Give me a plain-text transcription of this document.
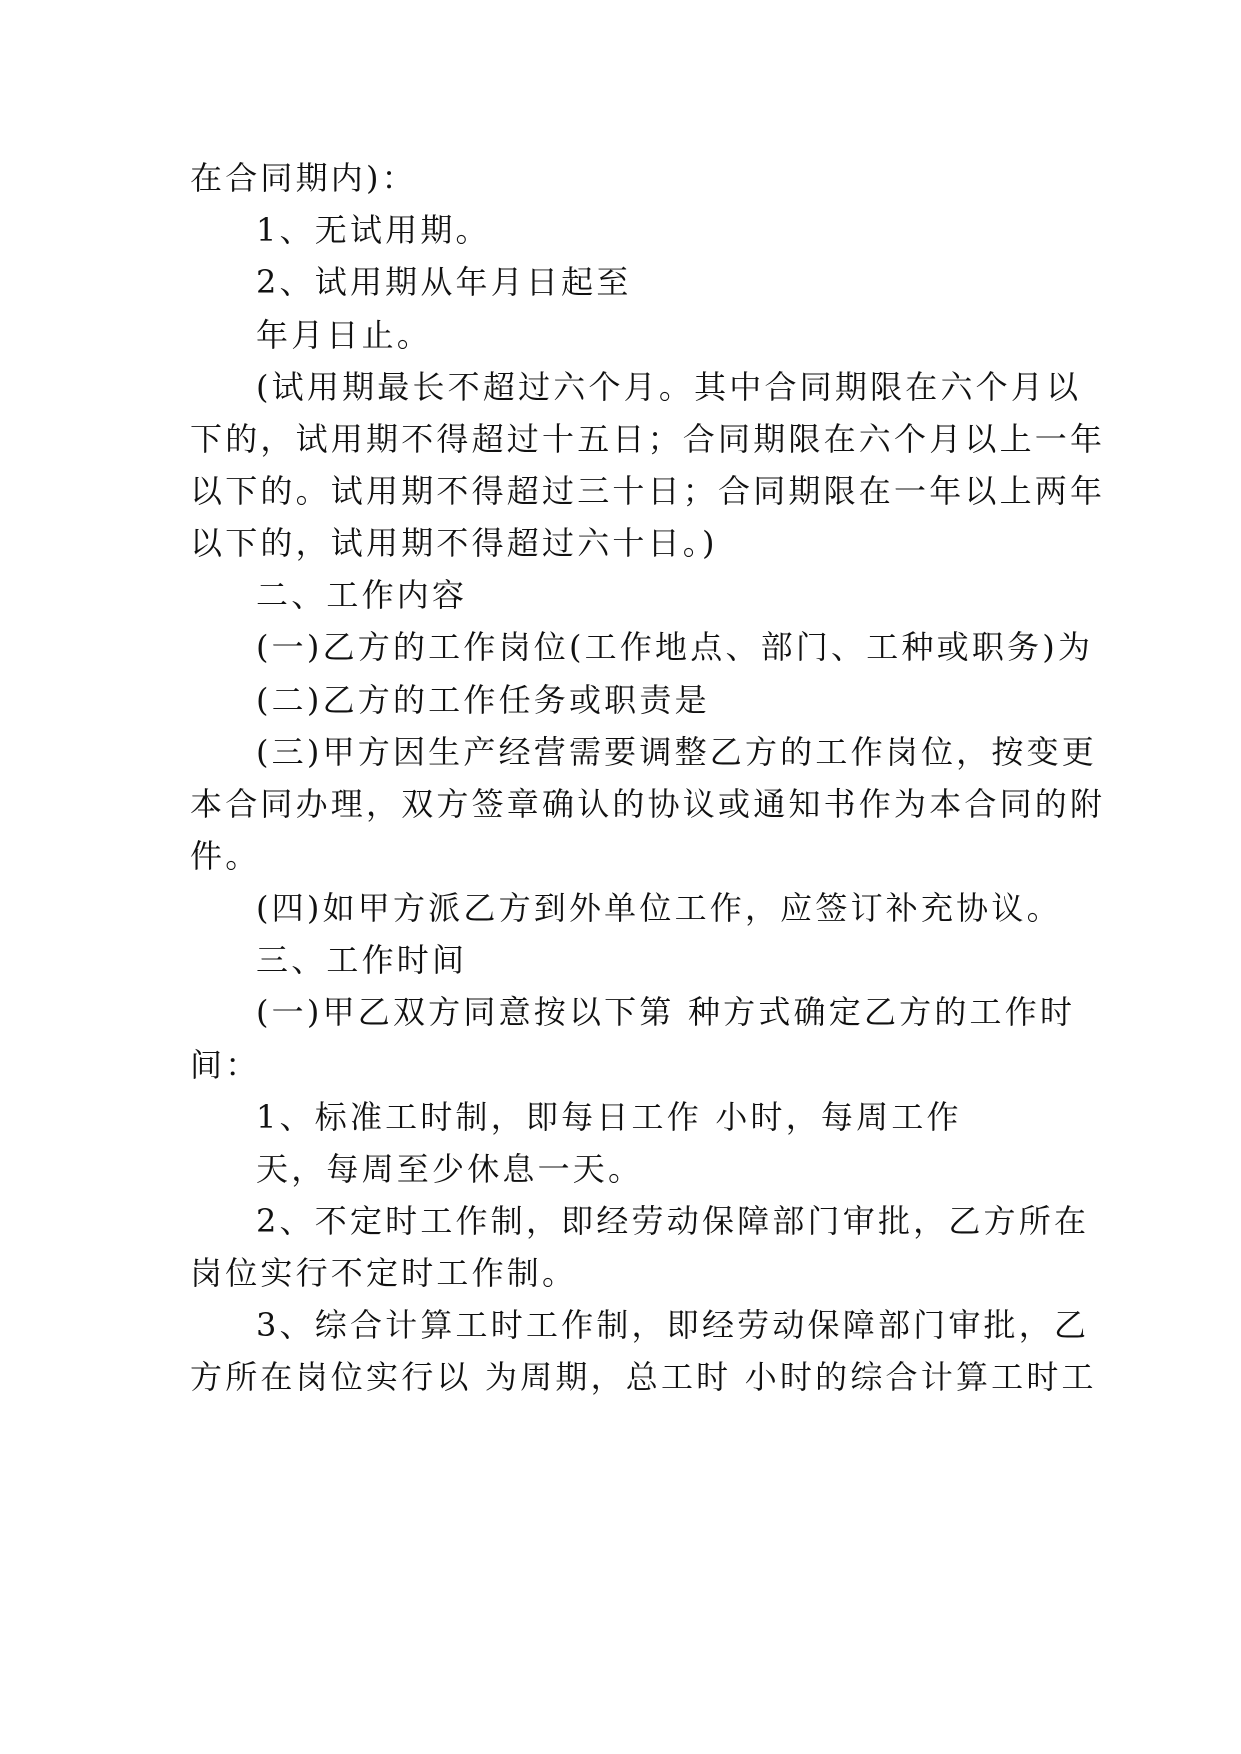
在合同期内)：
1、无试用期。
2、试用期从年月日起至
年月日止。
(试用期最长不超过六个月。其中合同期限在六个月以
下的，试用期不得超过十五日；合同期限在六个月以上一年
以下的。试用期不得超过三十日；合同期限在一年以上两年
以下的，试用期不得超过六十日。)
二、工作内容
(一)乙方的工作岗位(工作地点、部门、工种或职务)为
(二)乙方的工作任务或职责是
(三)甲方因生产经营需要调整乙方的工作岗位，按变更
本合同办理，双方签章确认的协议或通知书作为本合同的附
件。
(四)如甲方派乙方到外单位工作，应签订补充协议。
三、工作时间
(一)甲乙双方同意按以下第 种方式确定乙方的工作时
间：
1、标准工时制，即每日工作 小时，每周工作
天，每周至少休息一天。
2、不定时工作制，即经劳动保障部门审批，乙方所在
岗位实行不定时工作制。
3、综合计算工时工作制，即经劳动保障部门审批，乙
方所在岗位实行以 为周期，总工时 小时的综合计算工时工
